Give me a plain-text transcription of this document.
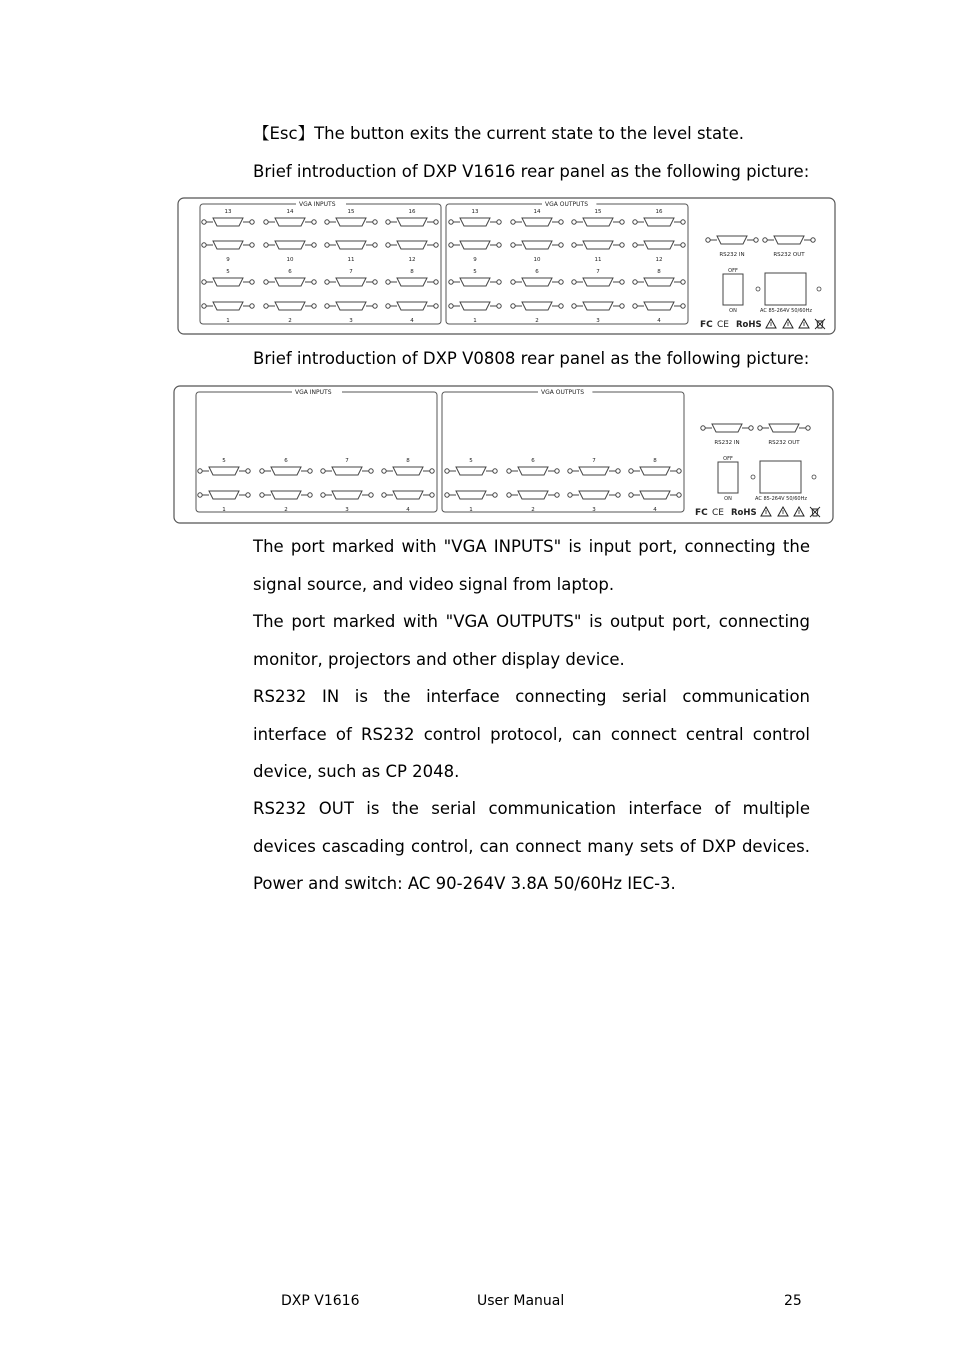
【Esc】The button exits the current state to the level state.

Brief introduction of DXP V1616 rear panel as the following picture:

VGA INPUTS
13	14	15	16
9	10	11	12
5	6	7	8
1	2	3	4
VGA OUTPUTS
13	14	15	16
9	10	11	12
5	6	7	8
1	2	3	4
RS232 IN	RS232 OUT
OFF
ON	AC 85-264V 50/60Hz
FC CE RoHS

Brief introduction of DXP V0808 rear panel as the following picture:

VGA INPUTS
5	6	7	8
1	2	3	4
VGA OUTPUTS
5	6	7	8
1	2	3	4
RS232 IN	RS232 OUT
OFF
ON	AC 85-264V 50/60Hz
FC CE RoHS

The port marked with "VGA INPUTS" is input port, connecting the signal source, and video signal from laptop.

The port marked with "VGA OUTPUTS" is output port, connecting monitor, projectors and other display device.

RS232 IN is the interface connecting serial communication interface of RS232 control protocol, can connect central control device, such as CP 2048.

RS232 OUT is the serial communication interface of multiple devices cascading control, can connect many sets of DXP devices.

Power and switch: AC 90-264V 3.8A 50/60Hz IEC-3.

DXP V1616	User Manual	25
